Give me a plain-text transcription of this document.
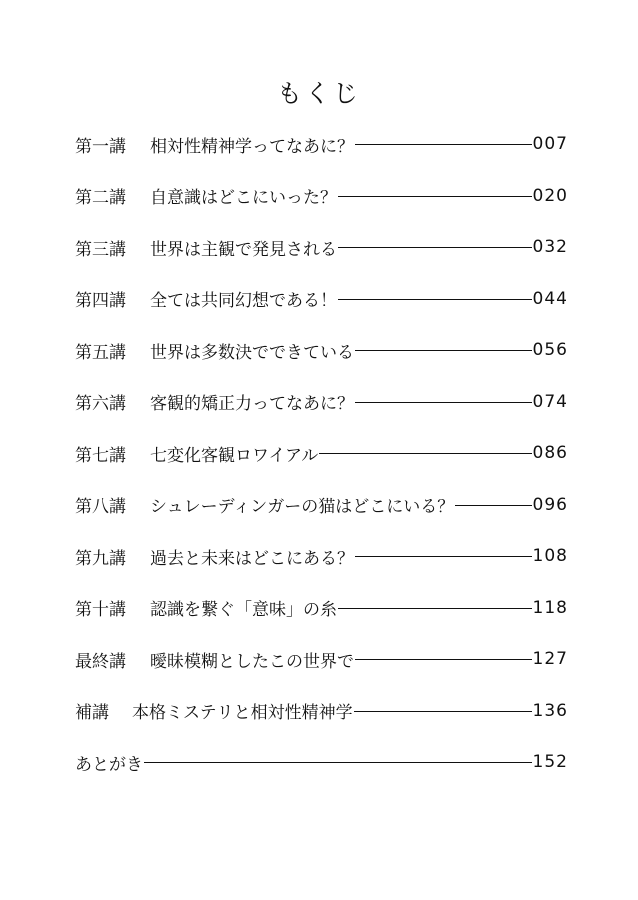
もくじ
第一講	相対性精神学ってなあに？	007
第二講	自意識はどこにいった？	020
第三講	世界は主観で発見される	032
第四講	全ては共同幻想である！	044
第五講	世界は多数決でできている	056
第六講	客観的矯正力ってなあに？	074
第七講	七変化客観ロワイアル	086
第八講	シュレーディンガーの猫はどこにいる？	096
第九講	過去と未来はどこにある？	108
第十講	認識を繋ぐ「意味」の糸	118
最終講	曖昧模糊としたこの世界で	127
補講	本格ミステリと相対性精神学	136
あとがき	152
